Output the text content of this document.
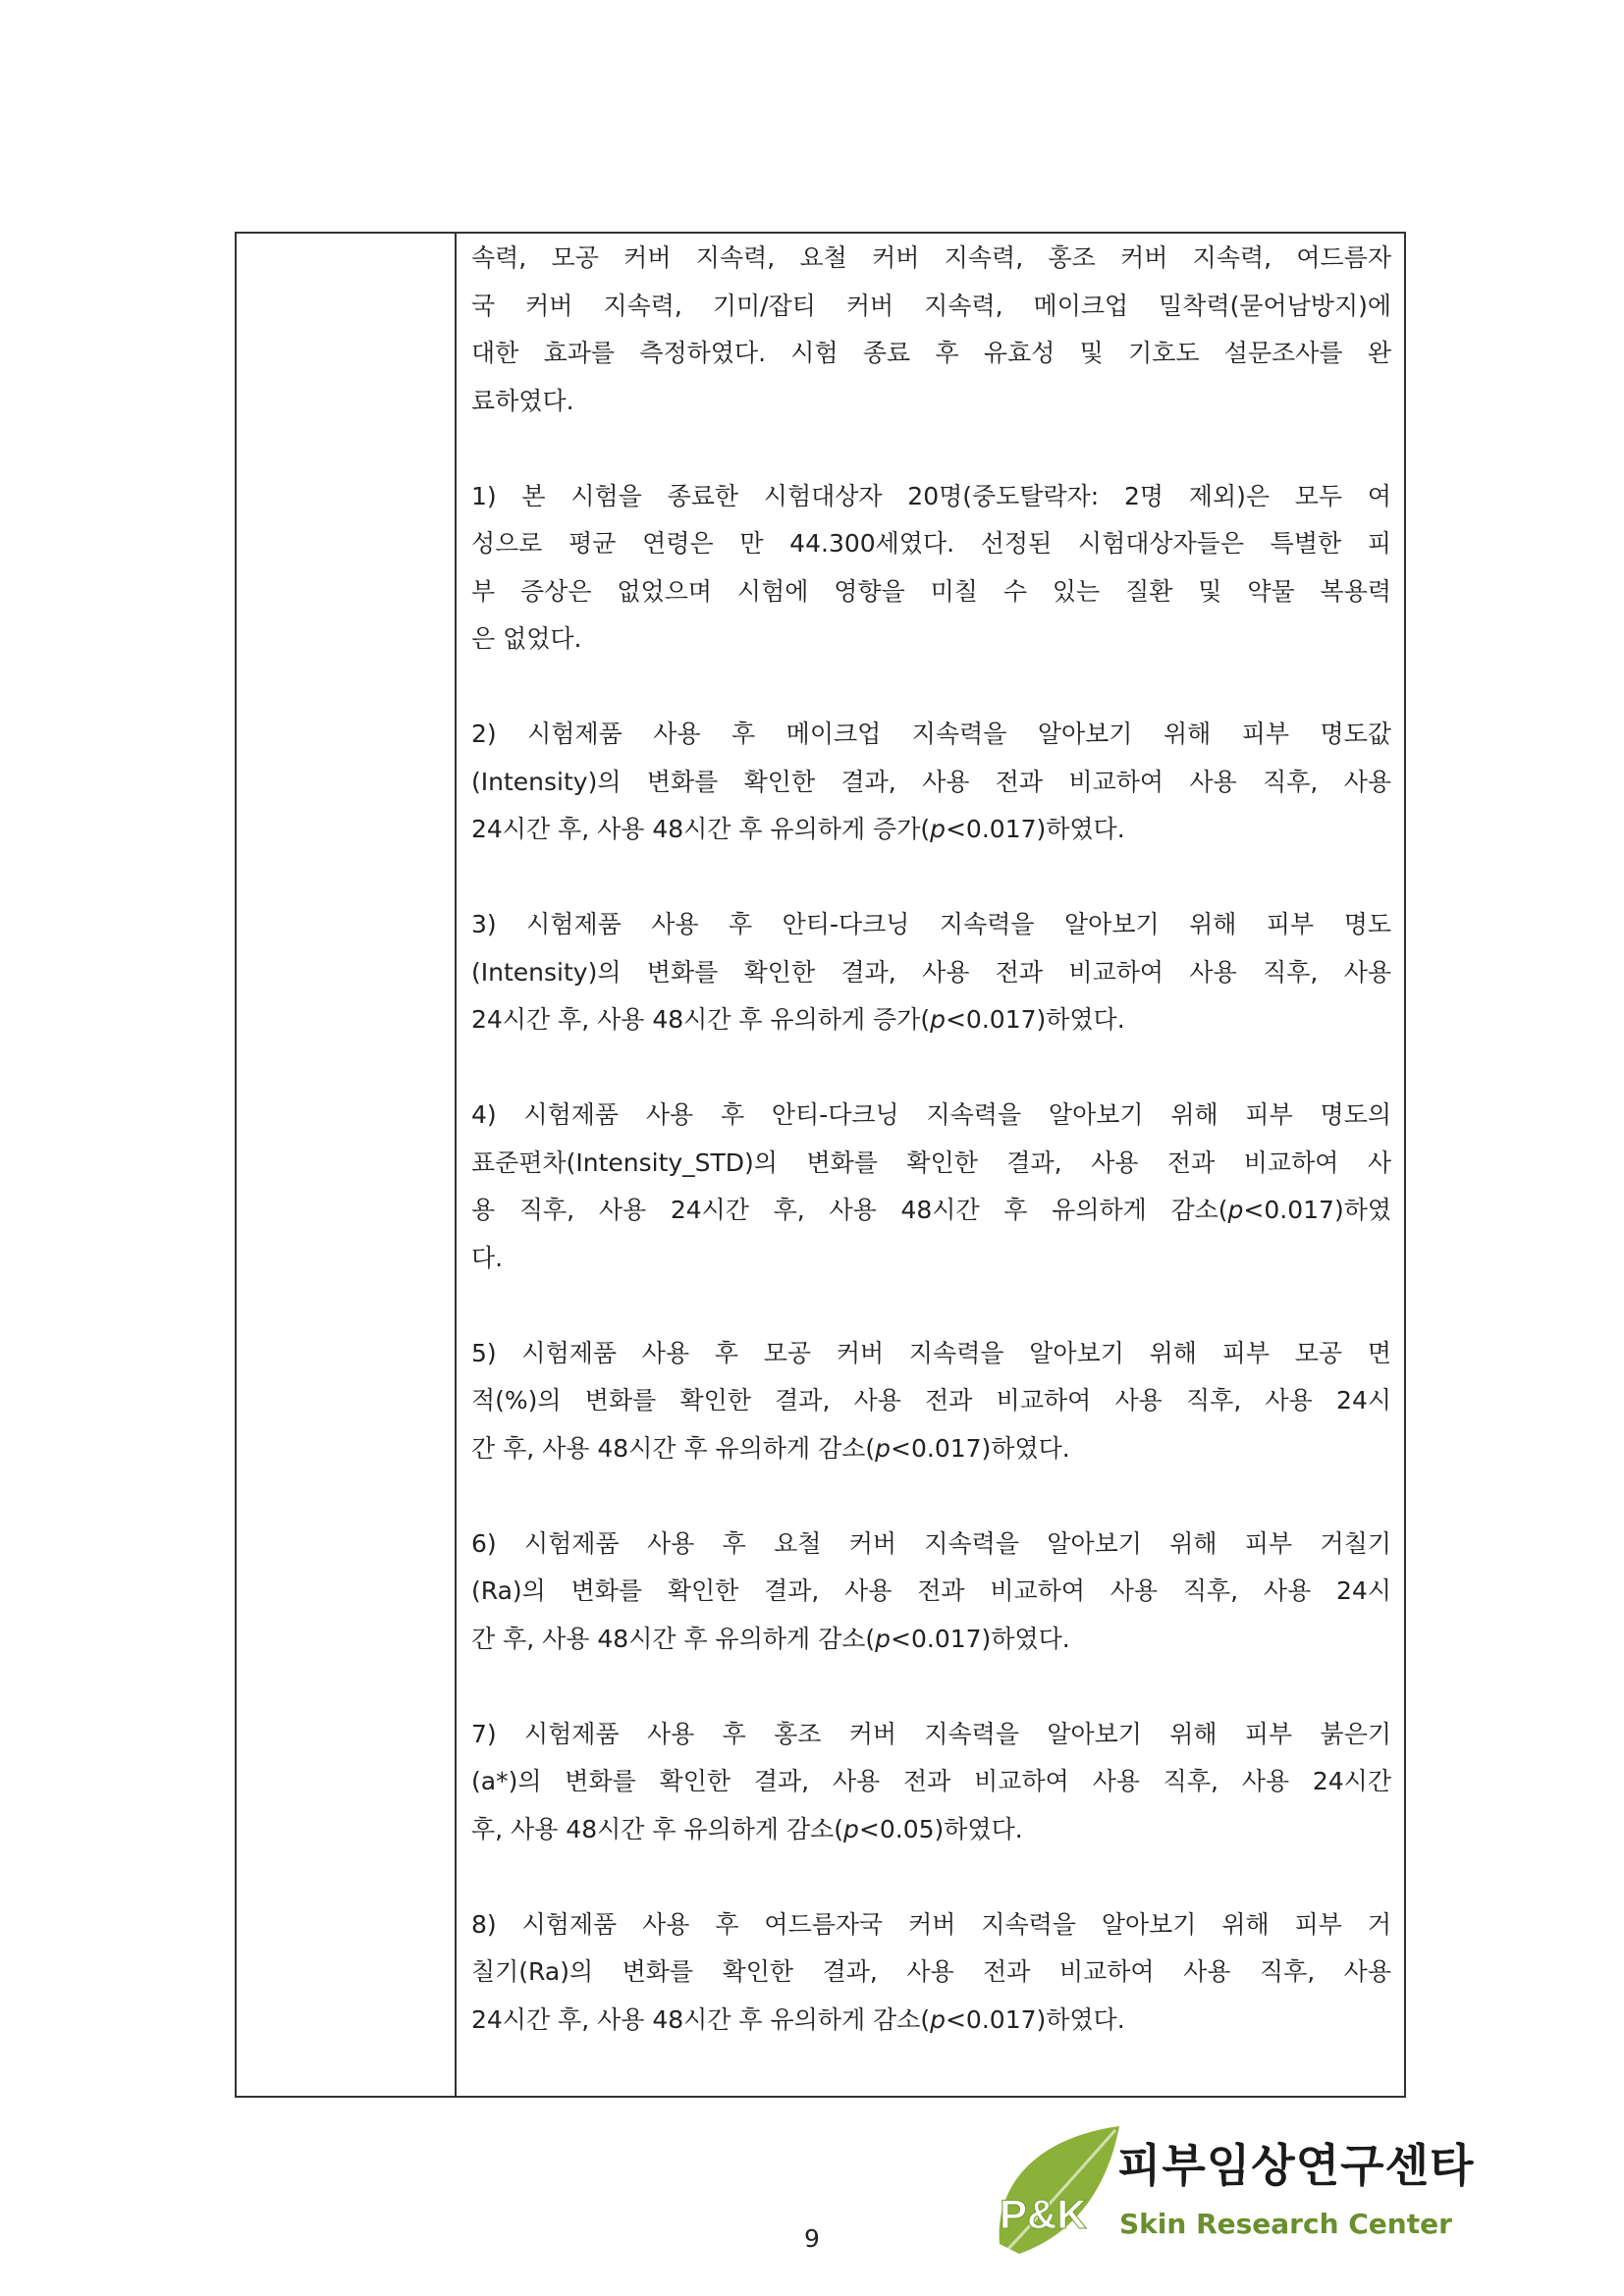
속력, 모공 커버 지속력, 요철 커버 지속력, 홍조 커버 지속력, 여드름자
국 커버 지속력, 기미/잡티 커버 지속력, 메이크업 밀착력(묻어남방지)에
대한 효과를 측정하였다. 시험 종료 후 유효성 및 기호도 설문조사를 완
료하였다.
1) 본 시험을 종료한 시험대상자 20명(중도탈락자: 2명 제외)은 모두 여
성으로 평균 연령은 만 44.300세였다. 선정된 시험대상자들은 특별한 피
부 증상은 없었으며 시험에 영향을 미칠 수 있는 질환 및 약물 복용력
은 없었다.
2) 시험제품 사용 후 메이크업 지속력을 알아보기 위해 피부 명도값
(Intensity)의 변화를 확인한 결과, 사용 전과 비교하여 사용 직후, 사용
24시간 후, 사용 48시간 후 유의하게 증가(p<0.017)하였다.
3) 시험제품 사용 후 안티-다크닝 지속력을 알아보기 위해 피부 명도
(Intensity)의 변화를 확인한 결과, 사용 전과 비교하여 사용 직후, 사용
24시간 후, 사용 48시간 후 유의하게 증가(p<0.017)하였다.
4) 시험제품 사용 후 안티-다크닝 지속력을 알아보기 위해 피부 명도의
표준편차(Intensity_STD)의 변화를 확인한 결과, 사용 전과 비교하여 사
용 직후, 사용 24시간 후, 사용 48시간 후 유의하게 감소(p<0.017)하였
다.
5) 시험제품 사용 후 모공 커버 지속력을 알아보기 위해 피부 모공 면
적(%)의 변화를 확인한 결과, 사용 전과 비교하여 사용 직후, 사용 24시
간 후, 사용 48시간 후 유의하게 감소(p<0.017)하였다.
6) 시험제품 사용 후 요철 커버 지속력을 알아보기 위해 피부 거칠기
(Ra)의 변화를 확인한 결과, 사용 전과 비교하여 사용 직후, 사용 24시
간 후, 사용 48시간 후 유의하게 감소(p<0.017)하였다.
7) 시험제품 사용 후 홍조 커버 지속력을 알아보기 위해 피부 붉은기
(a*)의 변화를 확인한 결과, 사용 전과 비교하여 사용 직후, 사용 24시간
후, 사용 48시간 후 유의하게 감소(p<0.05)하였다.
8) 시험제품 사용 후 여드름자국 커버 지속력을 알아보기 위해 피부 거
칠기(Ra)의 변화를 확인한 결과, 사용 전과 비교하여 사용 직후, 사용
24시간 후, 사용 48시간 후 유의하게 감소(p<0.017)하였다.
9
P&K
피부임상연구센타
Skin Research Center
